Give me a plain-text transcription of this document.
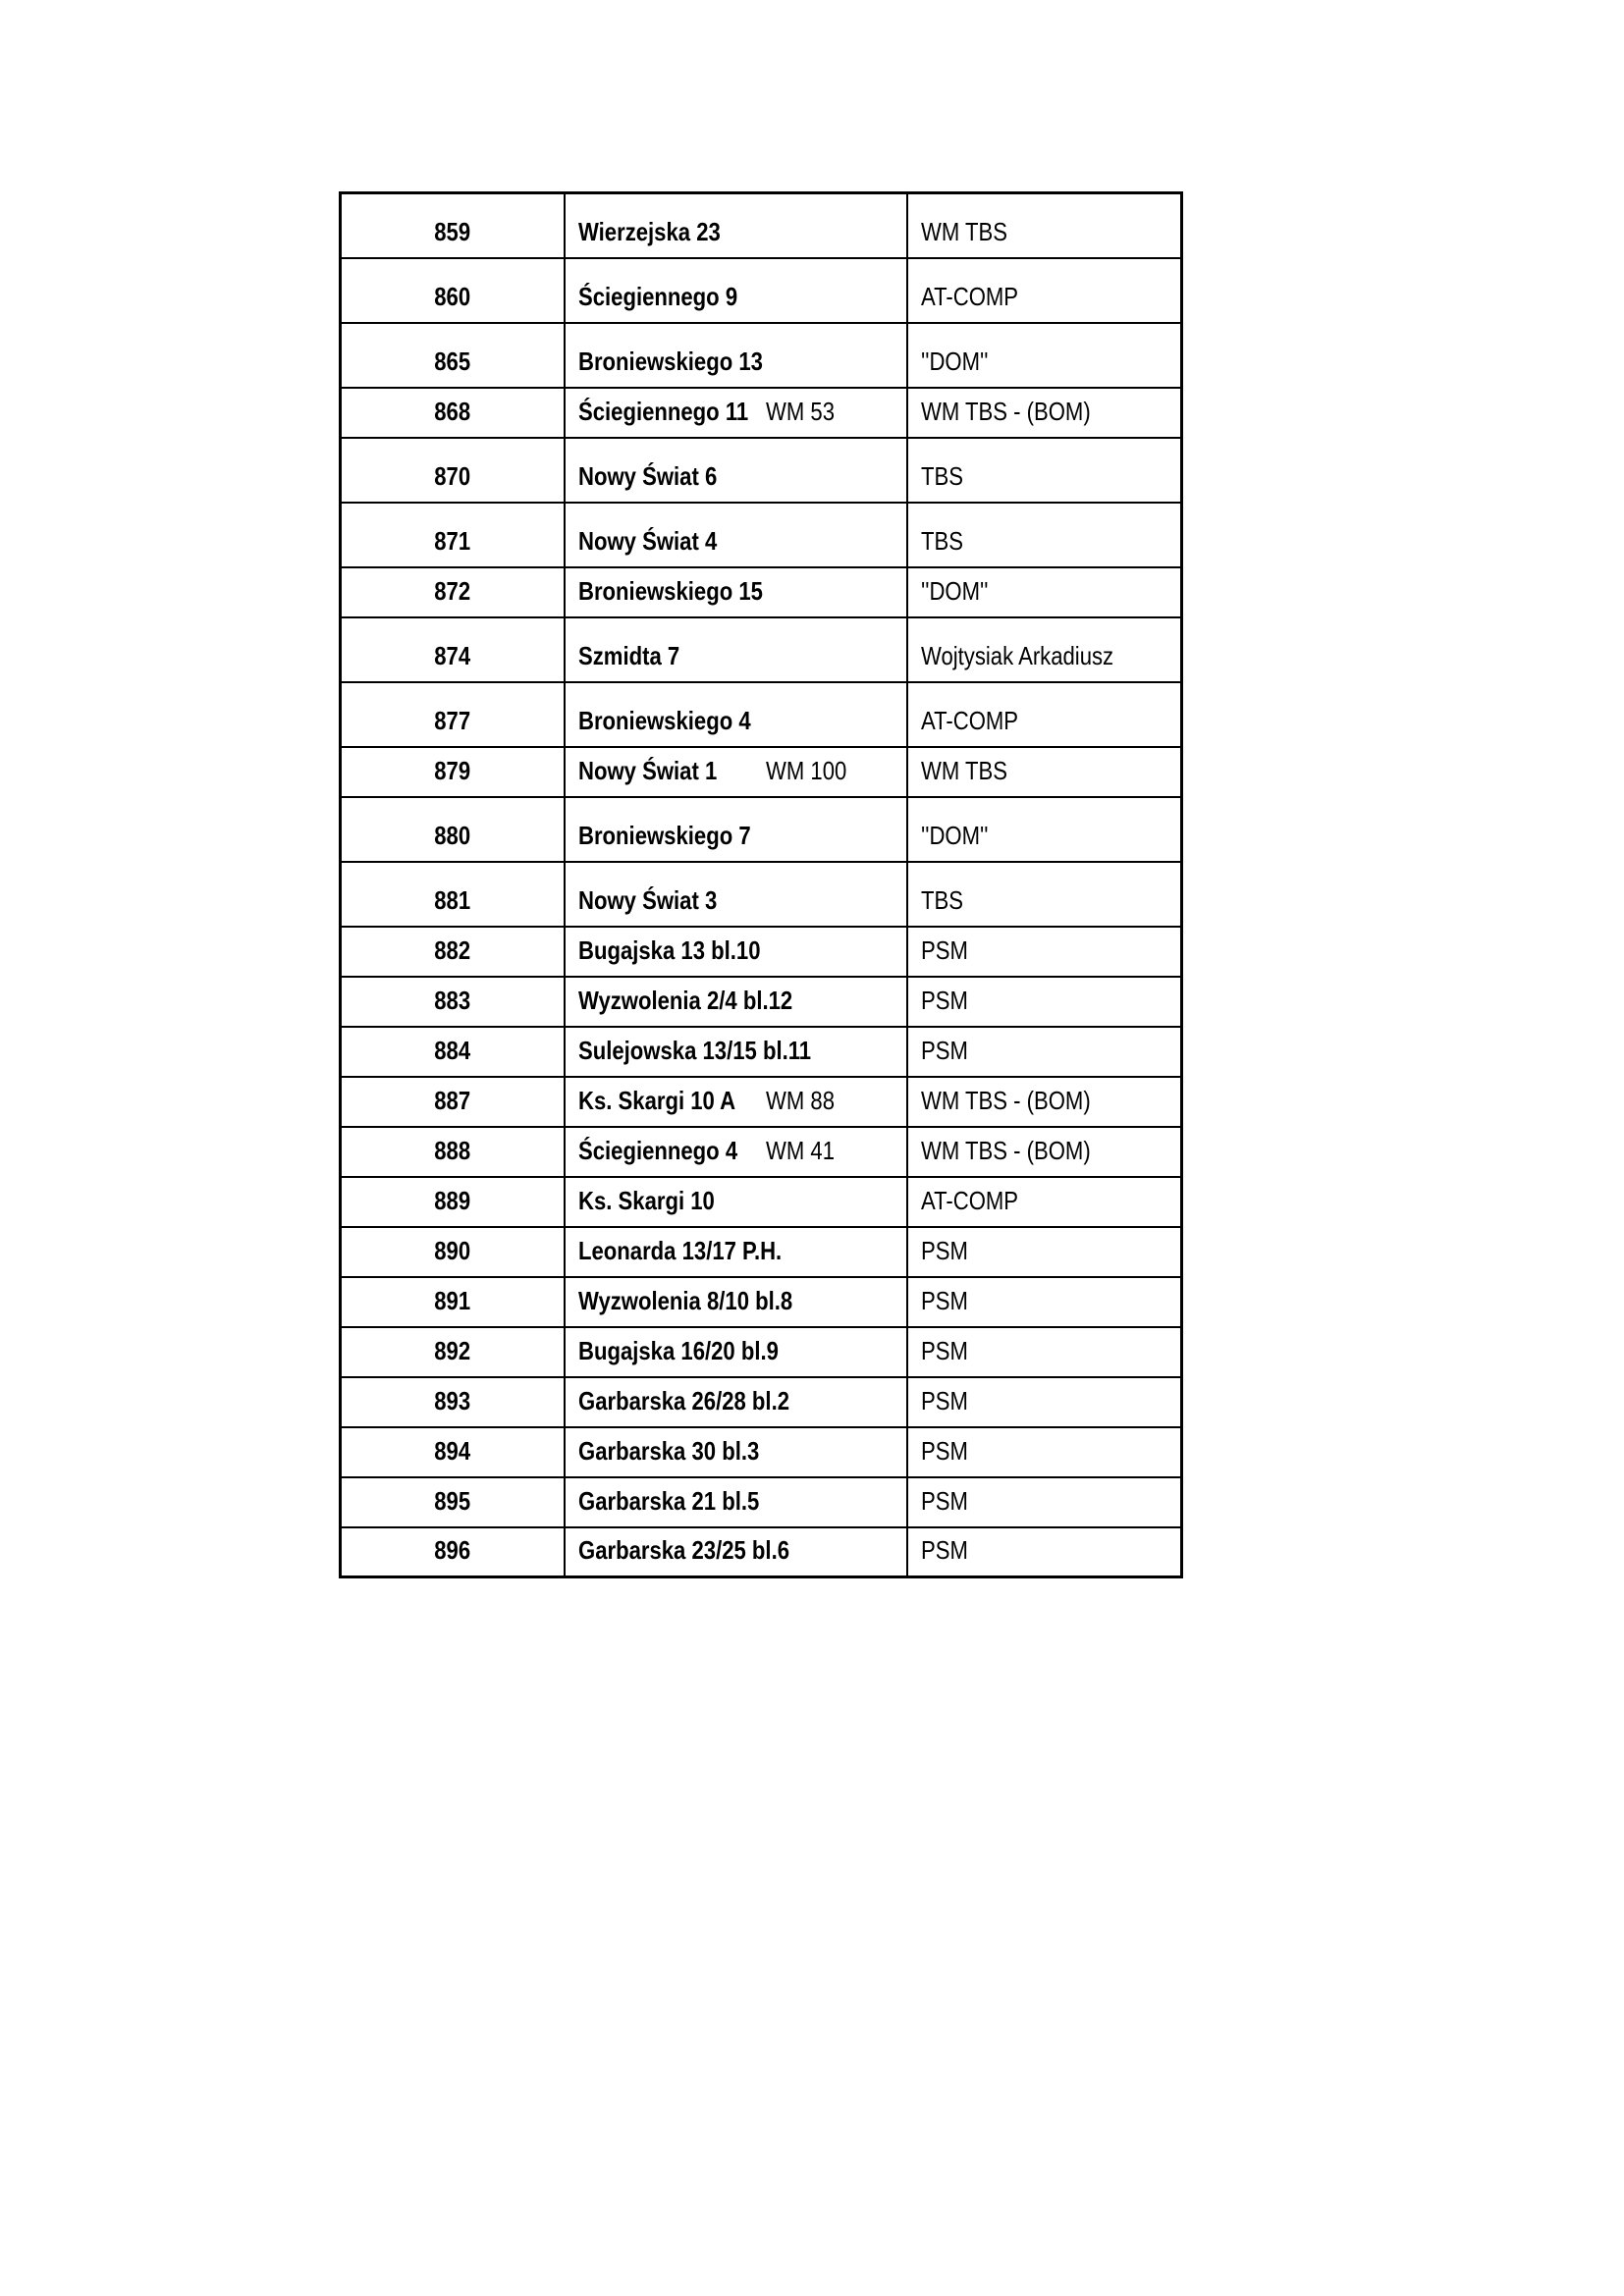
859	Wierzejska 23	WM TBS
860	Ściegiennego 9	AT-COMP
865	Broniewskiego 13	''DOM''
868	Ściegiennego 11 WM 53	WM TBS - (BOM)
870	Nowy Świat 6	TBS
871	Nowy Świat 4	TBS
872	Broniewskiego 15	''DOM''
874	Szmidta 7	Wojtysiak Arkadiusz
877	Broniewskiego 4	AT-COMP
879	Nowy Świat 1 WM 100	WM TBS
880	Broniewskiego 7	''DOM''
881	Nowy Świat 3	TBS
882	Bugajska 13 bl.10	PSM
883	Wyzwolenia 2/4 bl.12	PSM
884	Sulejowska 13/15 bl.11	PSM
887	Ks. Skargi 10 A WM 88	WM TBS - (BOM)
888	Ściegiennego 4 WM 41	WM TBS - (BOM)
889	Ks. Skargi 10	AT-COMP
890	Leonarda 13/17 P.H.	PSM
891	Wyzwolenia 8/10 bl.8	PSM
892	Bugajska 16/20 bl.9	PSM
893	Garbarska 26/28 bl.2	PSM
894	Garbarska 30 bl.3	PSM
895	Garbarska 21 bl.5	PSM
896	Garbarska 23/25 bl.6	PSM
